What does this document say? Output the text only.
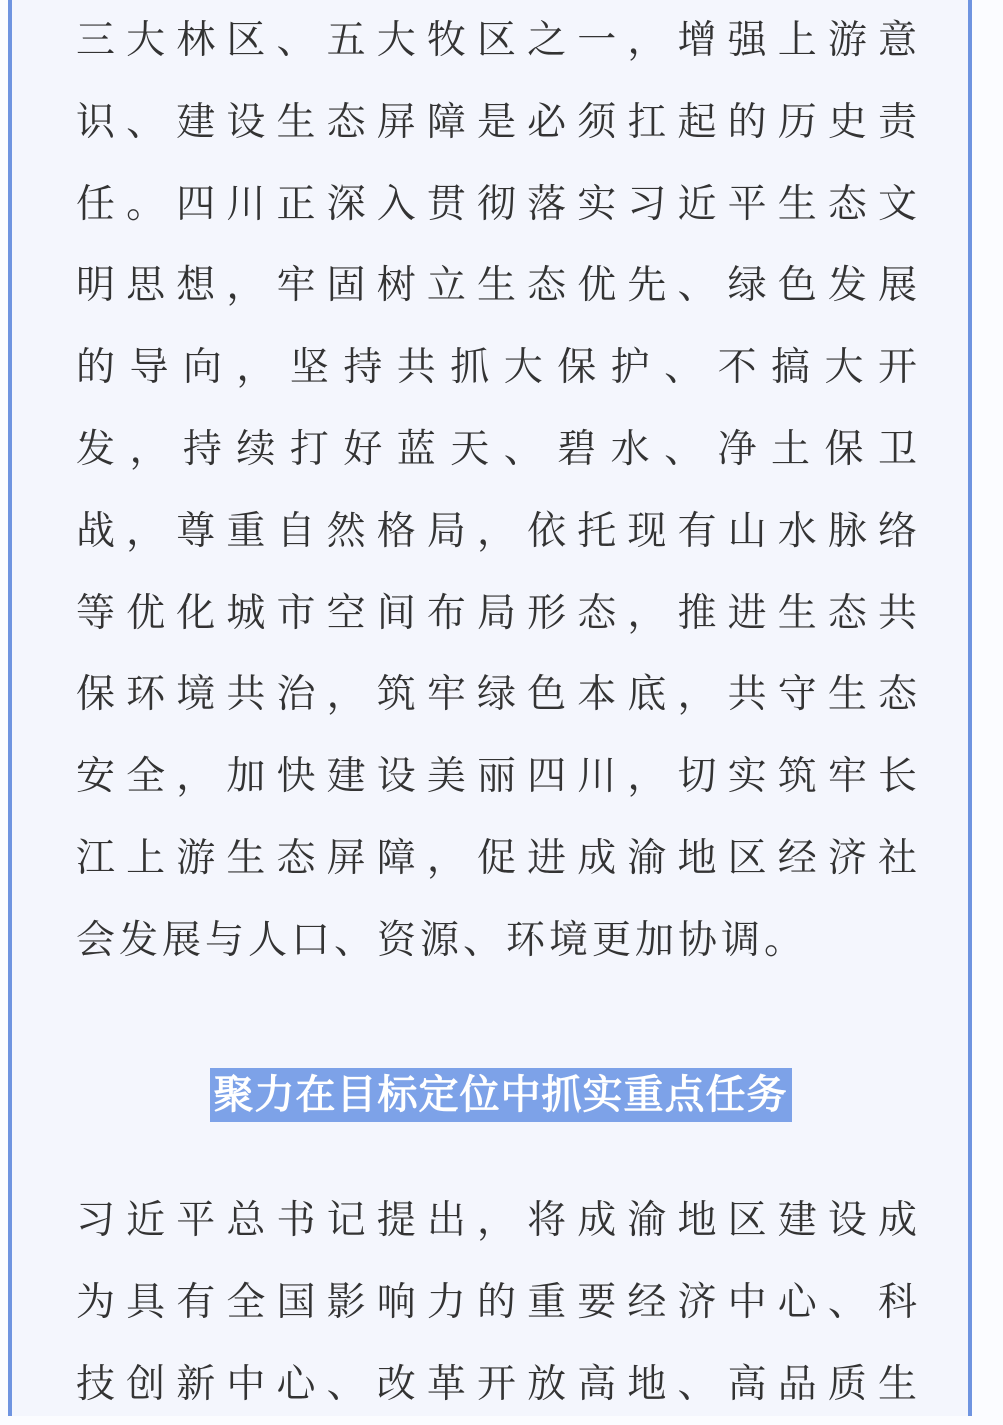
三大林区、五大牧区之一，增强上游意
识、建设生态屏障是必须扛起的历史责
任。四川正深入贯彻落实习近平生态文
明思想，牢固树立生态优先、绿色发展
的导向，坚持共抓大保护、不搞大开
发，持续打好蓝天、碧水、净土保卫
战，尊重自然格局，依托现有山水脉络
等优化城市空间布局形态，推进生态共
保环境共治，筑牢绿色本底，共守生态
安全，加快建设美丽四川，切实筑牢长
江上游生态屏障，促进成渝地区经济社
会发展与人口、资源、环境更加协调。
聚力在目标定位中抓实重点任务
习近平总书记提出，将成渝地区建设成
为具有全国影响力的重要经济中心、科
技创新中心、改革开放高地、高品质生
